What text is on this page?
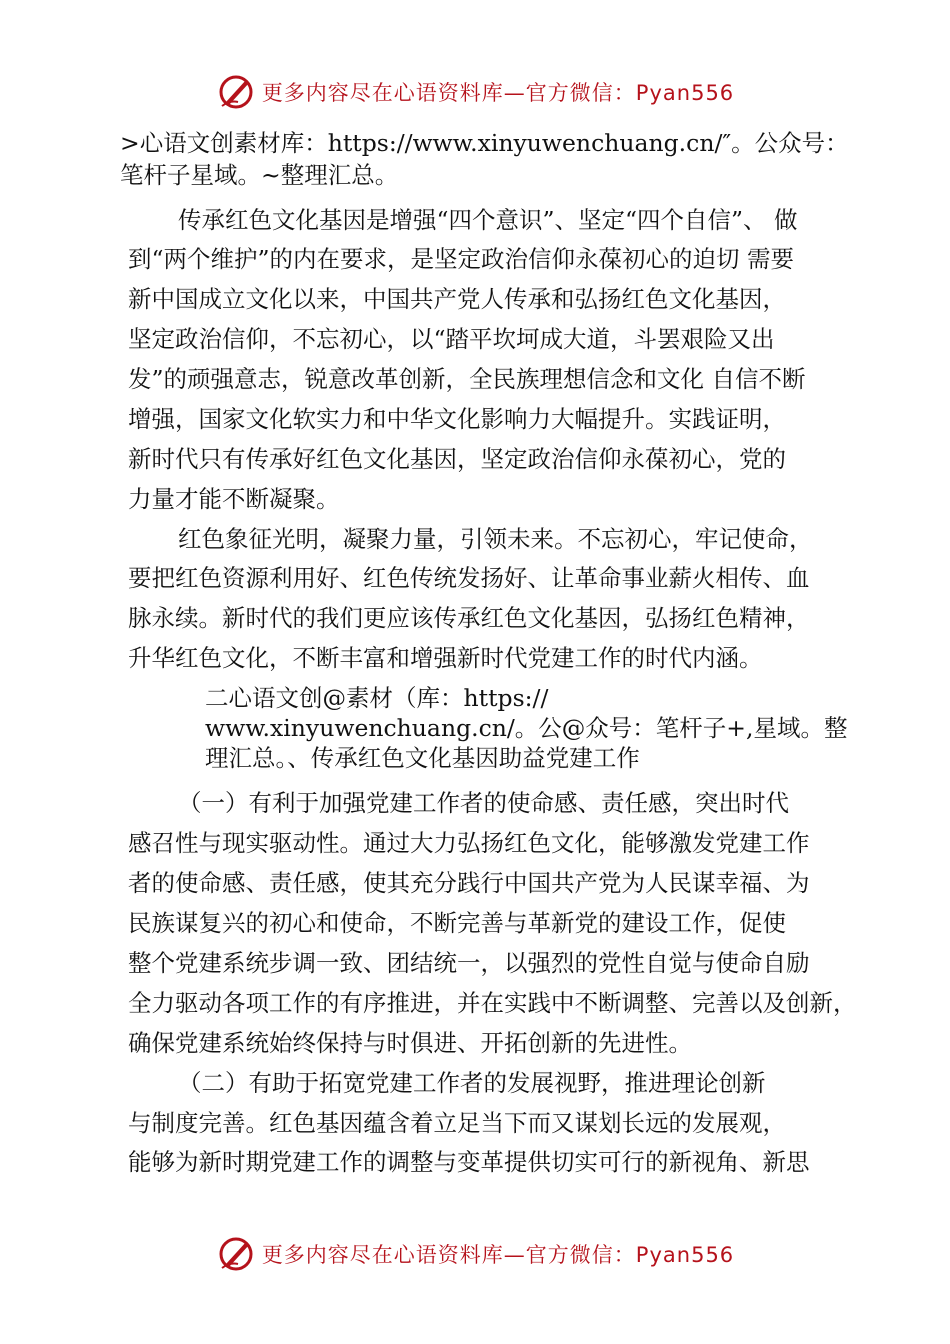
更多内容尽在心语资料库—官方微信：Pyan556
>心语文创素材库：https://www.xinyuwenchuang.cn/″。公众号：
笔杆子星域。~整理汇总。
传承红色文化基因是增强“四个意识”、坚定“四个自信”、 做
到“两个维护”的内在要求，是坚定政治信仰永葆初心的迫切 需要
新中国成立文化以来，中国共产党人传承和弘扬红色文化基因，
坚定政治信仰，不忘初心，以“踏平坎坷成大道，斗罢艰险又出
发”的顽强意志，锐意改革创新，全民族理想信念和文化 自信不断
增强，国家文化软实力和中华文化影响力大幅提升。实践证明，
新时代只有传承好红色文化基因，坚定政治信仰永葆初心，党的
力量才能不断凝聚。
红色象征光明，凝聚力量，引领未来。不忘初心，牢记使命，
要把红色资源利用好、红色传统发扬好、让革命事业薪火相传、血
脉永续。新时代的我们更应该传承红色文化基因，弘扬红色精神，
升华红色文化，不断丰富和增强新时代党建工作的时代内涵。
二心语文创@素材（库：https://
www.xinyuwenchuang.cn/。公@众号：笔杆子+,星域。整
理汇总。、传承红色文化基因助益党建工作
（一）有利于加强党建工作者的使命感、责任感，突出时代
感召性与现实驱动性。通过大力弘扬红色文化，能够激发党建工作
者的使命感、责任感，使其充分践行中国共产党为人民谋幸福、为
民族谋复兴的初心和使命，不断完善与革新党的建设工作，促使
整个党建系统步调一致、团结统一，以强烈的党性自觉与使命自励
全力驱动各项工作的有序推进，并在实践中不断调整、完善以及创新，
确保党建系统始终保持与时俱进、开拓创新的先进性。
（二）有助于拓宽党建工作者的发展视野，推进理论创新
与制度完善。红色基因蕴含着立足当下而又谋划长远的发展观，
能够为新时期党建工作的调整与变革提供切实可行的新视角、新思
更多内容尽在心语资料库—官方微信：Pyan556
